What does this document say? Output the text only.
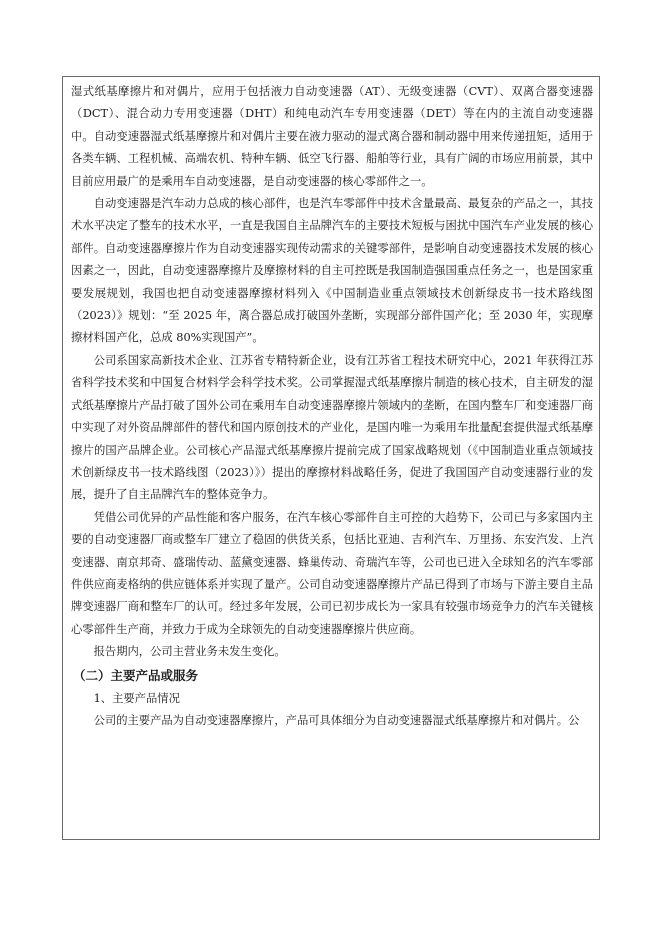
湿式纸基摩擦片和对偶片，应用于包括液力自动变速器（AT）、无级变速器（CVT）、双离合器变速器（DCT）、混合动力专用变速器（DHT）和纯电动汽车专用变速器（DET）等在内的主流自动变速器中。自动变速器湿式纸基摩擦片和对偶片主要在液力驱动的湿式离合器和制动器中用来传递扭矩，适用于各类车辆、工程机械、高端农机、特种车辆、低空飞行器、船舶等行业，具有广阔的市场应用前景，其中目前应用最广的是乘用车自动变速器，是自动变速器的核心零部件之一。

自动变速器是汽车动力总成的核心部件，也是汽车零部件中技术含量最高、最复杂的产品之一，其技术水平决定了整车的技术水平，一直是我国自主品牌汽车的主要技术短板与困扰中国汽车产业发展的核心部件。自动变速器摩擦片作为自动变速器实现传动需求的关键零部件，是影响自动变速器技术发展的核心因素之一，因此，自动变速器摩擦片及摩擦材料的自主可控既是我国制造强国重点任务之一，也是国家重要发展规划，我国也把自动变速器摩擦材料列入《中国制造业重点领域技术创新绿皮书一技术路线图（2023）》规划：“至 2025 年，离合器总成打破国外垄断，实现部分部件国产化；至 2030 年，实现摩擦材料国产化，总成 80%实现国产”。

公司系国家高新技术企业、江苏省专精特新企业，设有江苏省工程技术研究中心，2021 年获得江苏省科学技术奖和中国复合材料学会科学技术奖。公司掌握湿式纸基摩擦片制造的核心技术，自主研发的湿式纸基摩擦片产品打破了国外公司在乘用车自动变速器摩擦片领域内的垄断，在国内整车厂和变速器厂商中实现了对外资品牌部件的替代和国内原创技术的产业化，是国内唯一为乘用车批量配套提供湿式纸基摩擦片的国产品牌企业。公司核心产品湿式纸基摩擦片提前完成了国家战略规划（《中国制造业重点领域技术创新绿皮书一技术路线图（2023）》）提出的摩擦材料战略任务，促进了我国国产自动变速器行业的发展，提升了自主品牌汽车的整体竞争力。

凭借公司优异的产品性能和客户服务，在汽车核心零部件自主可控的大趋势下，公司已与多家国内主要的自动变速器厂商或整车厂建立了稳固的供货关系，包括比亚迪、吉利汽车、万里扬、东安汽发、上汽变速器、南京邦奇、盛瑞传动、蓝黛变速器、蜂巢传动、奇瑞汽车等，公司也已进入全球知名的汽车零部件供应商麦格纳的供应链体系并实现了量产。公司自动变速器摩擦片产品已得到了市场与下游主要自主品牌变速器厂商和整车厂的认可。经过多年发展，公司已初步成长为一家具有较强市场竞争力的汽车关键核心零部件生产商，并致力于成为全球领先的自动变速器摩擦片供应商。

报告期内，公司主营业务未发生变化。

（二）主要产品或服务

1、主要产品情况

公司的主要产品为自动变速器摩擦片，产品可具体细分为自动变速器湿式纸基摩擦片和对偶片。公
